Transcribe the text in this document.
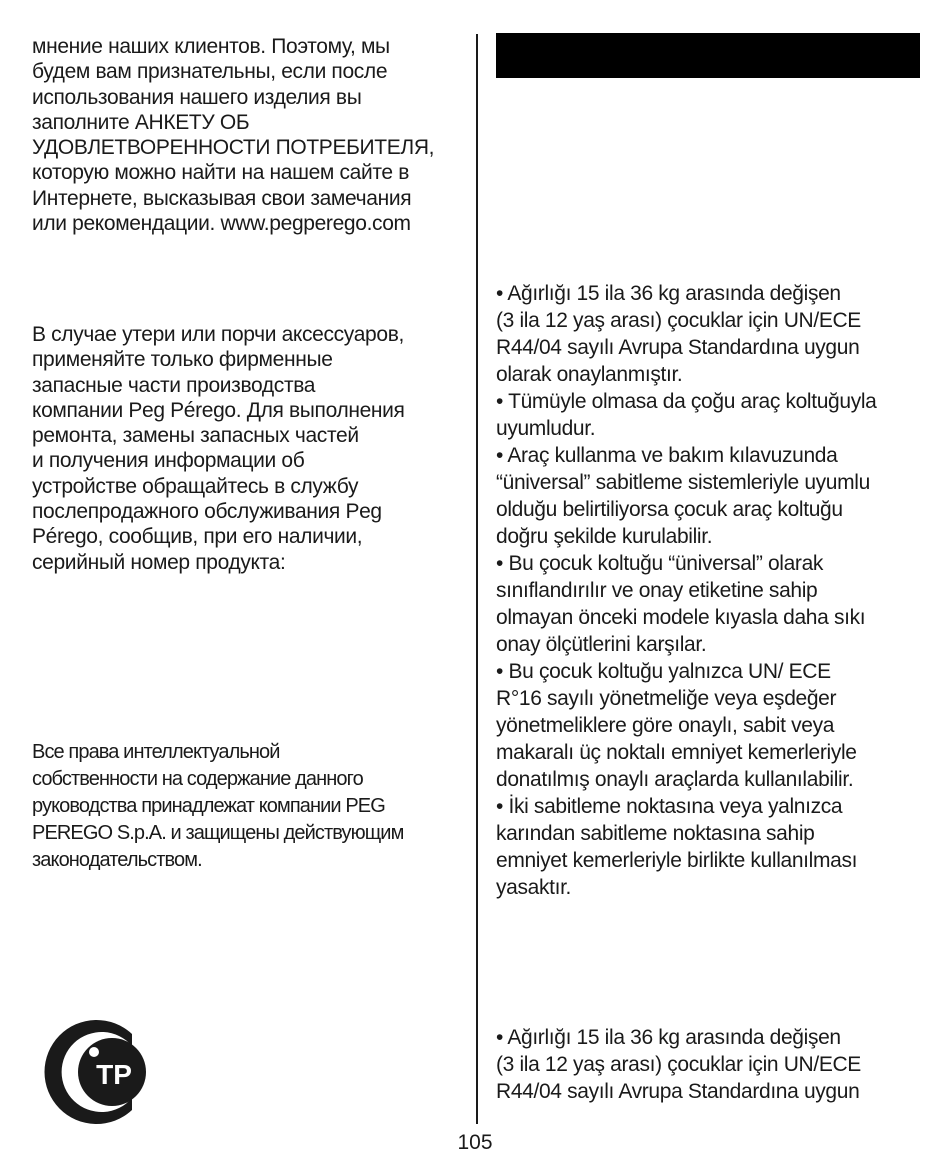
мнение наших клиентов. Поэтому, мы
будем вам признательны, если после
использования нашего изделия вы
заполните АНКЕТУ ОБ
УДОВЛЕТВОРЕННОСТИ ПОТРЕБИТЕЛЯ,
которую можно найти на нашем сайте в
Интернете, высказывая свои замечания
или рекомендации. www.pegperego.com

В случае утери или порчи аксессуаров,
применяйте только фирменные
запасные части производства
компании Peg Pérego. Для выполнения
ремонта, замены запасных частей
и получения информации об
устройстве обращайтесь в службу
послепродажного обслуживания Peg
Pérego, сообщив, при его наличии,
серийный номер продукта:

Все права интеллектуальной
собственности на содержание данного
руководства принадлежат компании PEG
PEREGO S.p.A. и защищены действующим
законодательством.

ТР

• Ağırlığı 15 ila 36 kg arasında değişen
(3 ila 12 yaş arası) çocuklar için UN/ECE
R44/04 sayılı Avrupa Standardına uygun
olarak onaylanmıştır.
• Tümüyle olmasa da çoğu araç koltuğuyla
uyumludur.
• Araç kullanma ve bakım kılavuzunda
“üniversal” sabitleme sistemleriyle uyumlu
olduğu belirtiliyorsa çocuk araç koltuğu
doğru şekilde kurulabilir.
• Bu çocuk koltuğu “üniversal” olarak
sınıflandırılır ve onay etiketine sahip
olmayan önceki modele kıyasla daha sıkı
onay ölçütlerini karşılar.
• Bu çocuk koltuğu yalnızca UN/ ECE
R°16 sayılı yönetmeliğe veya eşdeğer
yönetmeliklere göre onaylı, sabit veya
makaralı üç noktalı emniyet kemerleriyle
donatılmış onaylı araçlarda kullanılabilir.
• İki sabitleme noktasına veya yalnızca
karından sabitleme noktasına sahip
emniyet kemerleriyle birlikte kullanılması
yasaktır.

• Ağırlığı 15 ila 36 kg arasında değişen
(3 ila 12 yaş arası) çocuklar için UN/ECE
R44/04 sayılı Avrupa Standardına uygun

105
